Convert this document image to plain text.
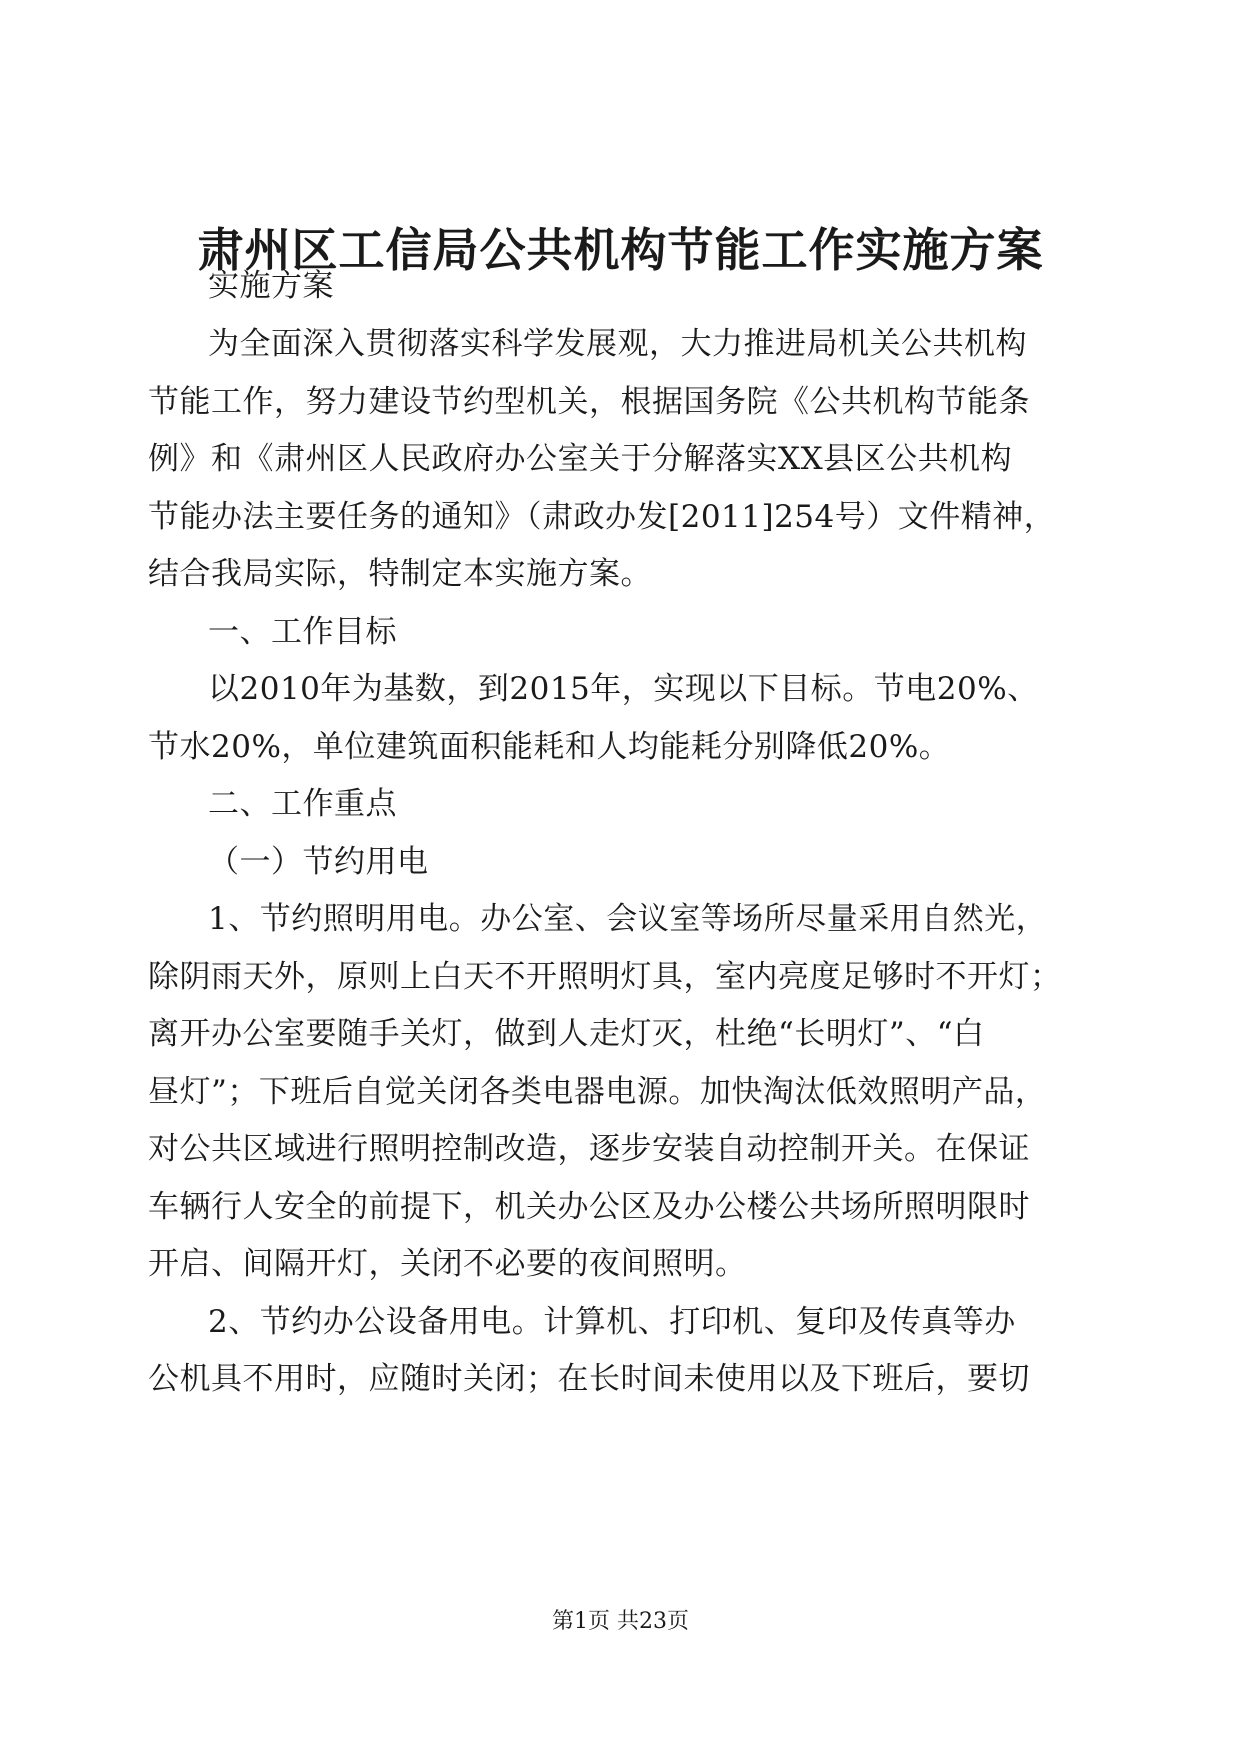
肃州区工信局公共机构节能工作实施方案
实施方案
为全面深入贯彻落实科学发展观，大力推进局机关公共机构
节能工作，努力建设节约型机关，根据国务院《公共机构节能条
例》和《肃州区人民政府办公室关于分解落实XX县区公共机构
节能办法主要任务的通知》（肃政办发[2011]254号）文件精神，
结合我局实际，特制定本实施方案。
一、工作目标
以2010年为基数，到2015年，实现以下目标。节电20%、
节水20%，单位建筑面积能耗和人均能耗分别降低20%。
二、工作重点
（一）节约用电
1、节约照明用电。办公室、会议室等场所尽量采用自然光，
除阴雨天外，原则上白天不开照明灯具，室内亮度足够时不开灯；
离开办公室要随手关灯，做到人走灯灭，杜绝“长明灯”、“白
昼灯”；下班后自觉关闭各类电器电源。加快淘汰低效照明产品，
对公共区域进行照明控制改造，逐步安装自动控制开关。在保证
车辆行人安全的前提下，机关办公区及办公楼公共场所照明限时
开启、间隔开灯，关闭不必要的夜间照明。
2、节约办公设备用电。计算机、打印机、复印及传真等办
公机具不用时，应随时关闭；在长时间未使用以及下班后，要切
第1页 共23页
